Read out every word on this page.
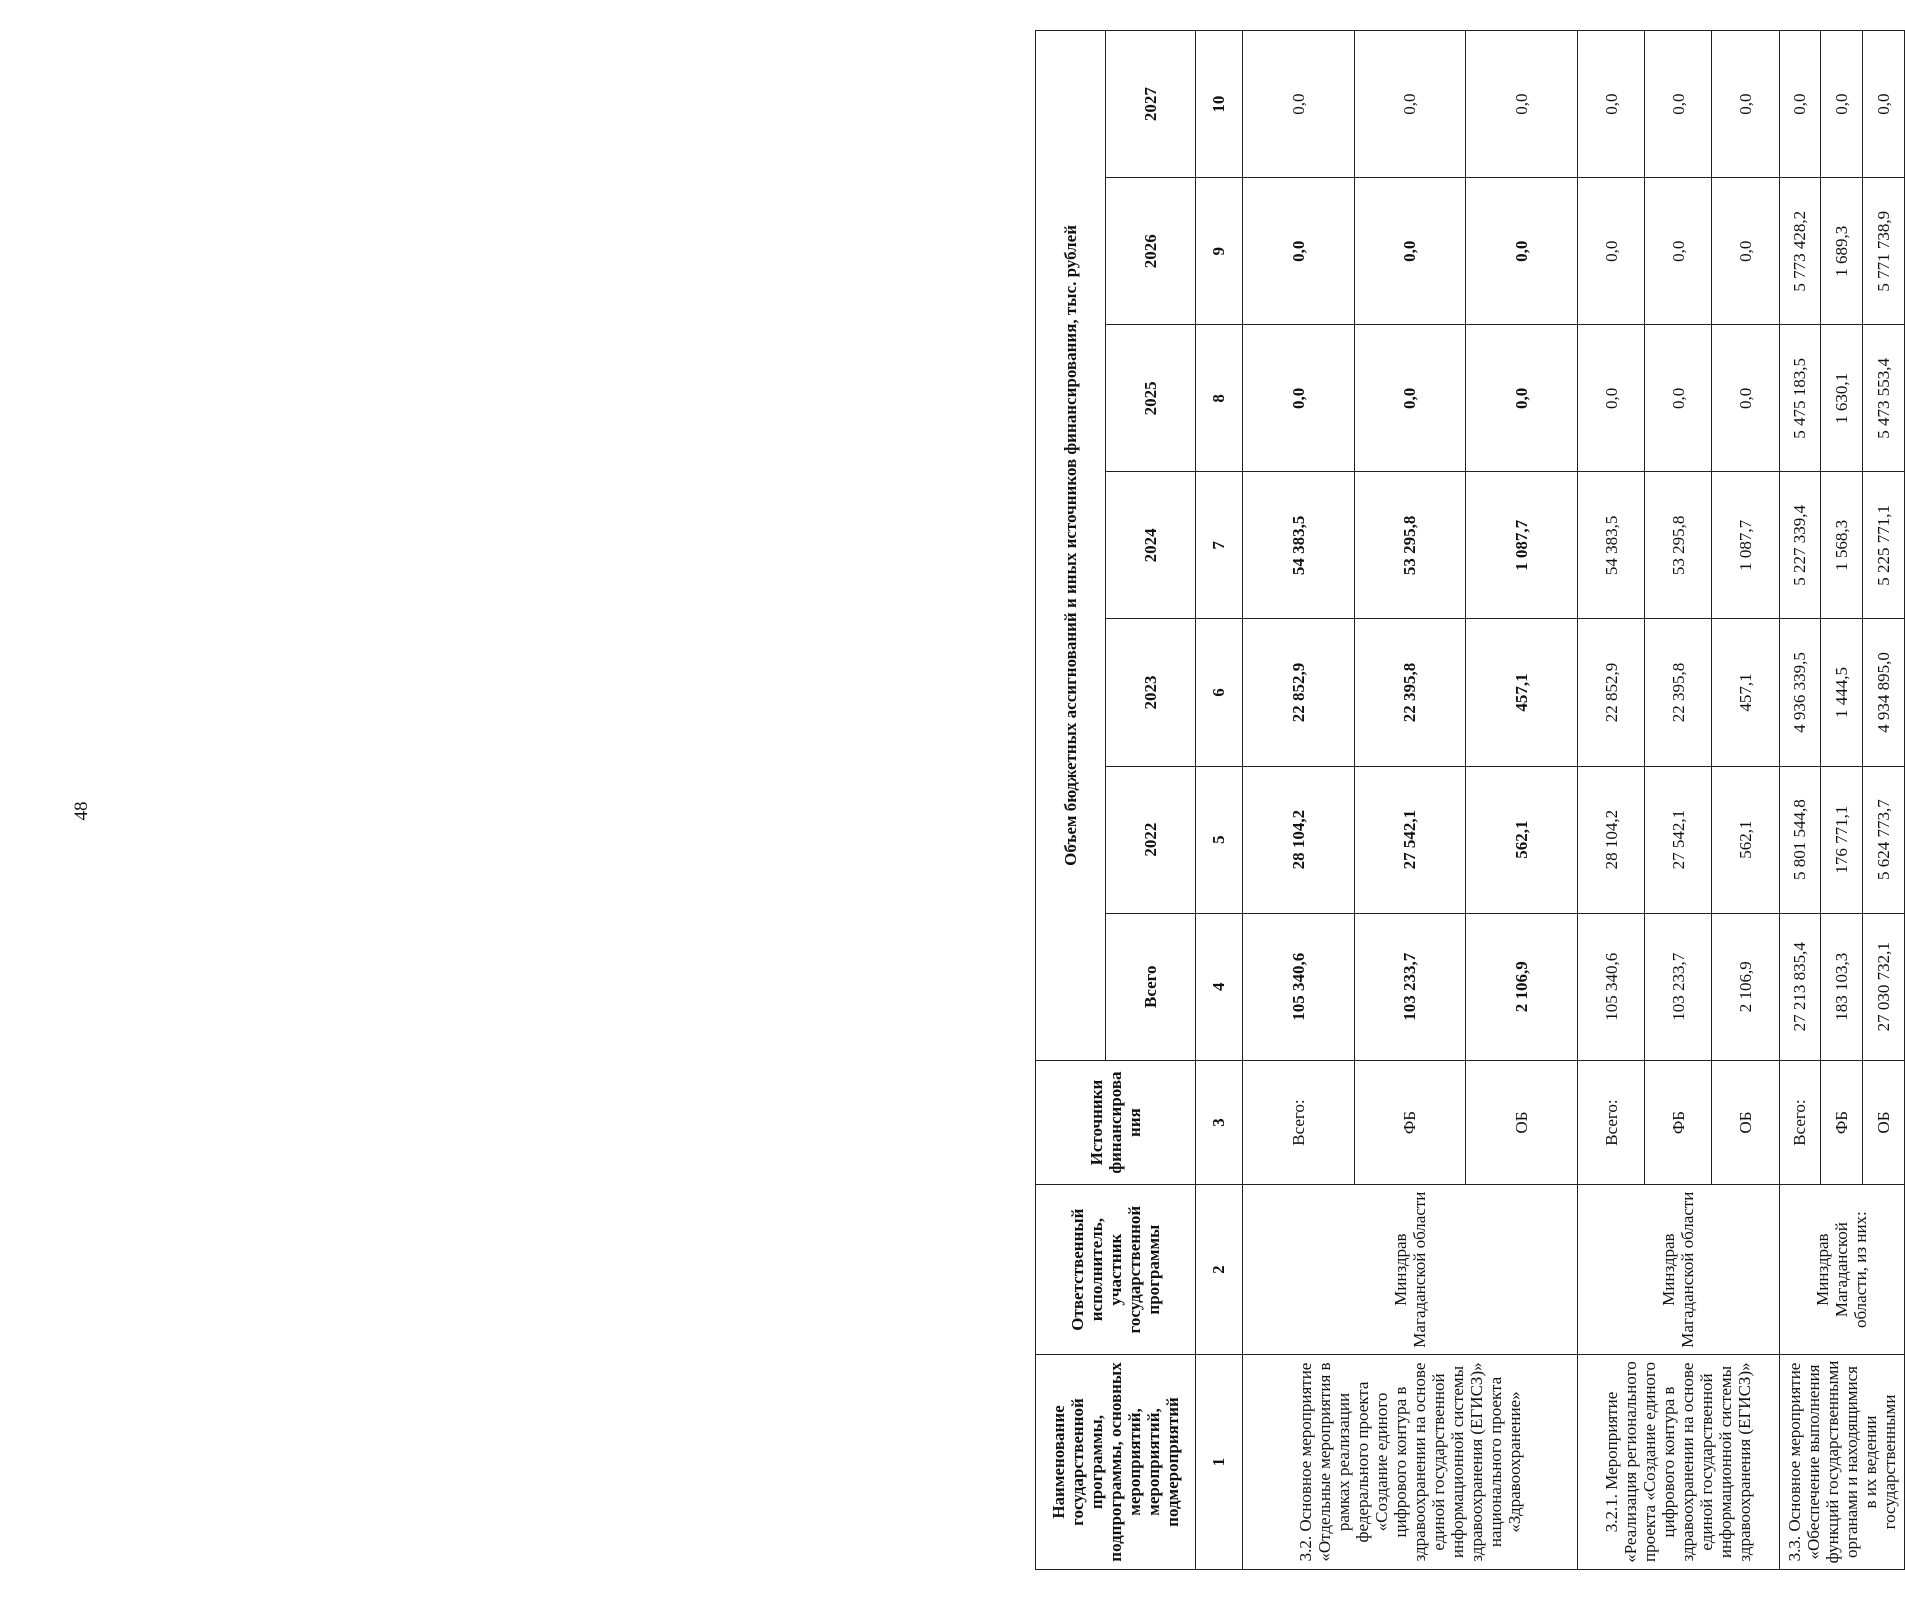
48
Наименование государственной программы, подпрограммы, основных мероприятий, мероприятий, подмероприятий	Ответственный исполнитель, участник государственной программы	Источники финансирова ния	Объем бюджетных ассигнований и иных источников финансирования, тыс. рублей						
			Всего	2022	2023	2024	2025	2026	2027
1	2	3	4	5	6	7	8	9	10
3.2. Основное мероприятие «Отдельные мероприятия в рамках реализации федерального проекта «Создание единого цифрового контура в здравоохранении на основе единой государственной информационной системы здравоохранения (ЕГИСЗ)» национального проекта «Здравоохранение»	Минздрав Магаданской области	Всего:	105 340,6	28 104,2	22 852,9	54 383,5	0,0	0,0	0,0
		ФБ	103 233,7	27 542,1	22 395,8	53 295,8	0,0	0,0	0,0
		ОБ	2 106,9	562,1	457,1	1 087,7	0,0	0,0	0,0
3.2.1. Мероприятие «Реализация регионального проекта «Создание единого цифрового контура в здравоохранении на основе единой государственной информационной системы здравоохранения (ЕГИСЗ)»	Минздрав Магаданской области	Всего:	105 340,6	28 104,2	22 852,9	54 383,5	0,0	0,0	0,0
		ФБ	103 233,7	27 542,1	22 395,8	53 295,8	0,0	0,0	0,0
		ОБ	2 106,9	562,1	457,1	1 087,7	0,0	0,0	0,0
3.3. Основное мероприятие «Обеспечение выполнения функций государственными органами и находящимися в их ведении государственными	Минздрав Магаданской области, из них:	Всего:	27 213 835,4	5 801 544,8	4 936 339,5	5 227 339,4	5 475 183,5	5 773 428,2	0,0
		ФБ	183 103,3	176 771,1	1 444,5	1 568,3	1 630,1	1 689,3	0,0
		ОБ	27 030 732,1	5 624 773,7	4 934 895,0	5 225 771,1	5 473 553,4	5 771 738,9	0,0
